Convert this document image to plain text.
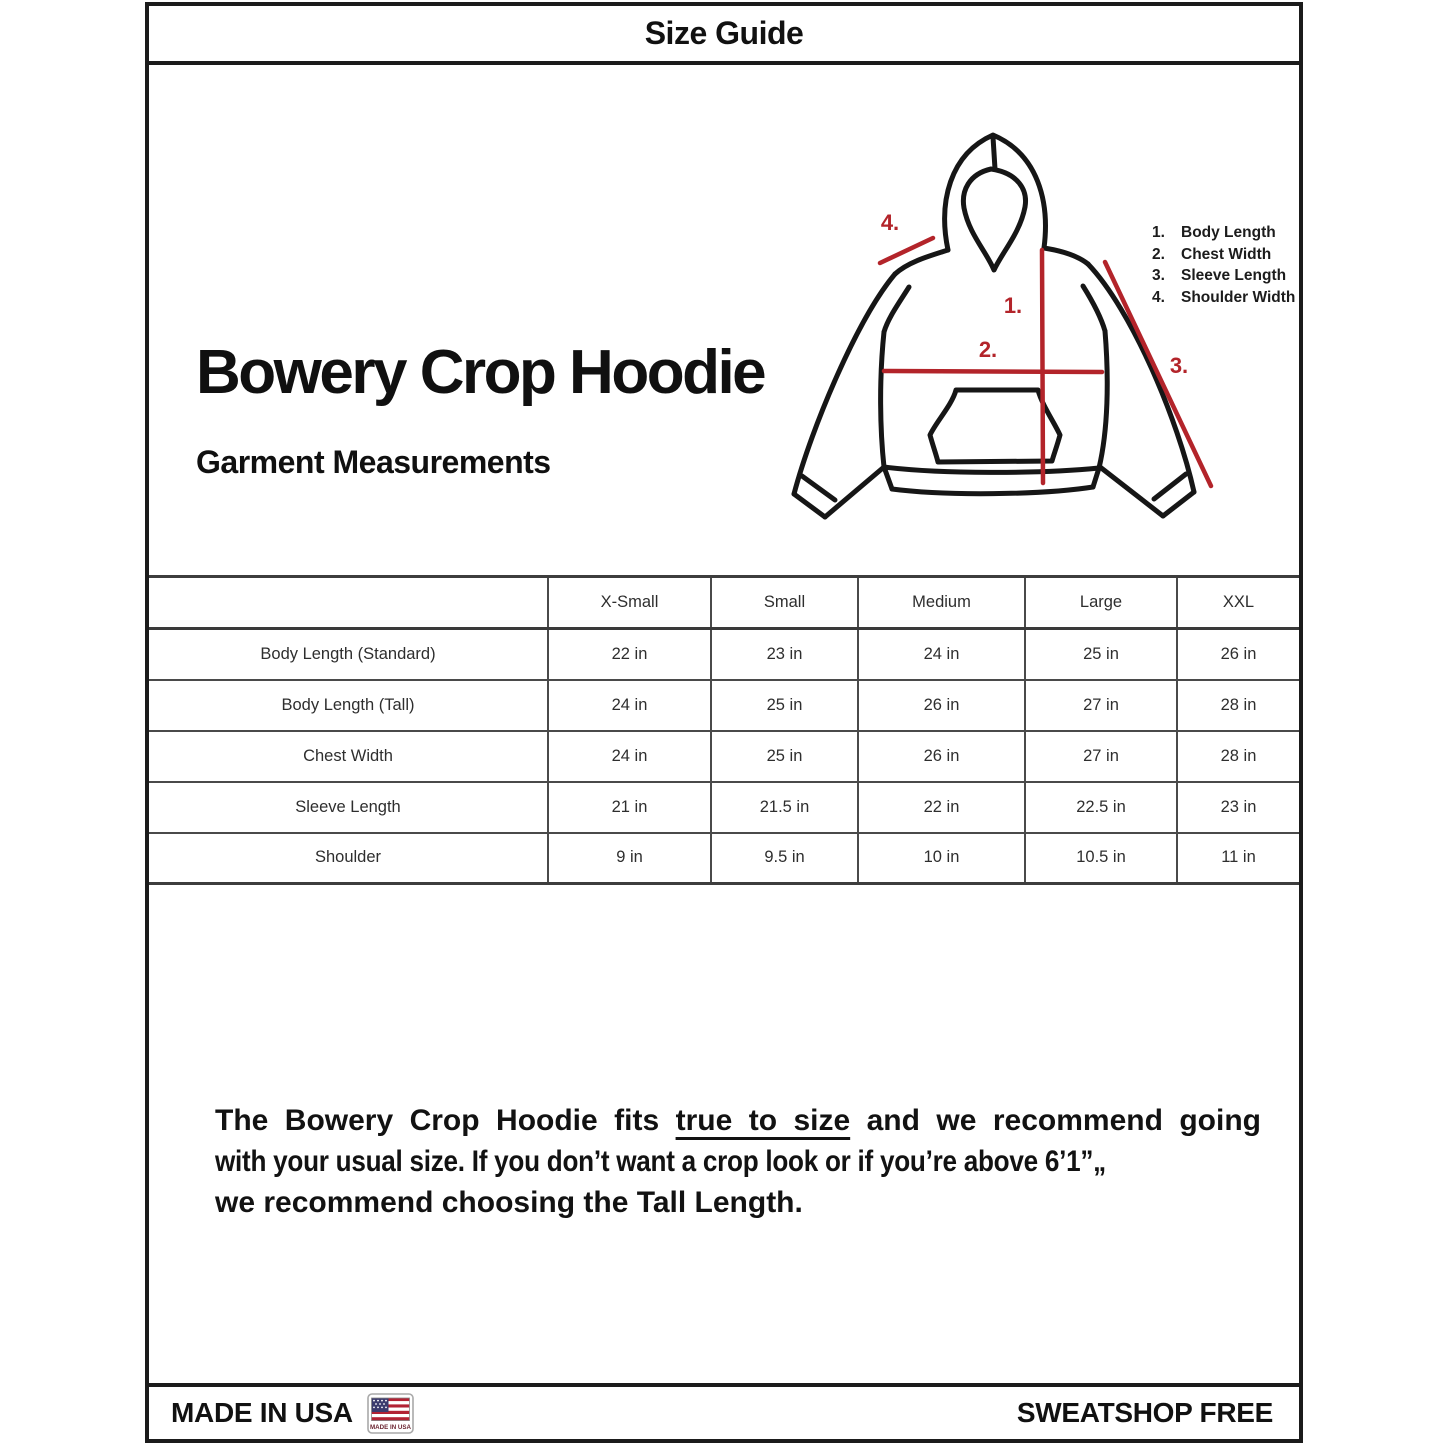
Size Guide
Bowery Crop Hoodie
Garment Measurements
1.
2.
3.
4.	1.	Body Length
2.	Chest Width
3.	Sleeve Length
4.	Shoulder Width
	X-Small	Small	Medium	Large	XXL
Body Length (Standard)	22 in	23 in	24 in	25 in	26 in
Body Length (Tall)	24 in	25 in	26 in	27 in	28 in
Chest Width	24 in	25 in	26 in	27 in	28 in
Sleeve Length	21 in	21.5 in	22 in	22.5 in	23 in
Shoulder	9 in	9.5 in	10 in	10.5 in	11 in
The Bowery Crop Hoodie fits true to size and we recommend going
with your usual size. If you don’t want a crop look or if you’re above 6’1”„
we recommend choosing the Tall Length.
MADE IN USA	MADE IN USA	SWEATSHOP FREE
